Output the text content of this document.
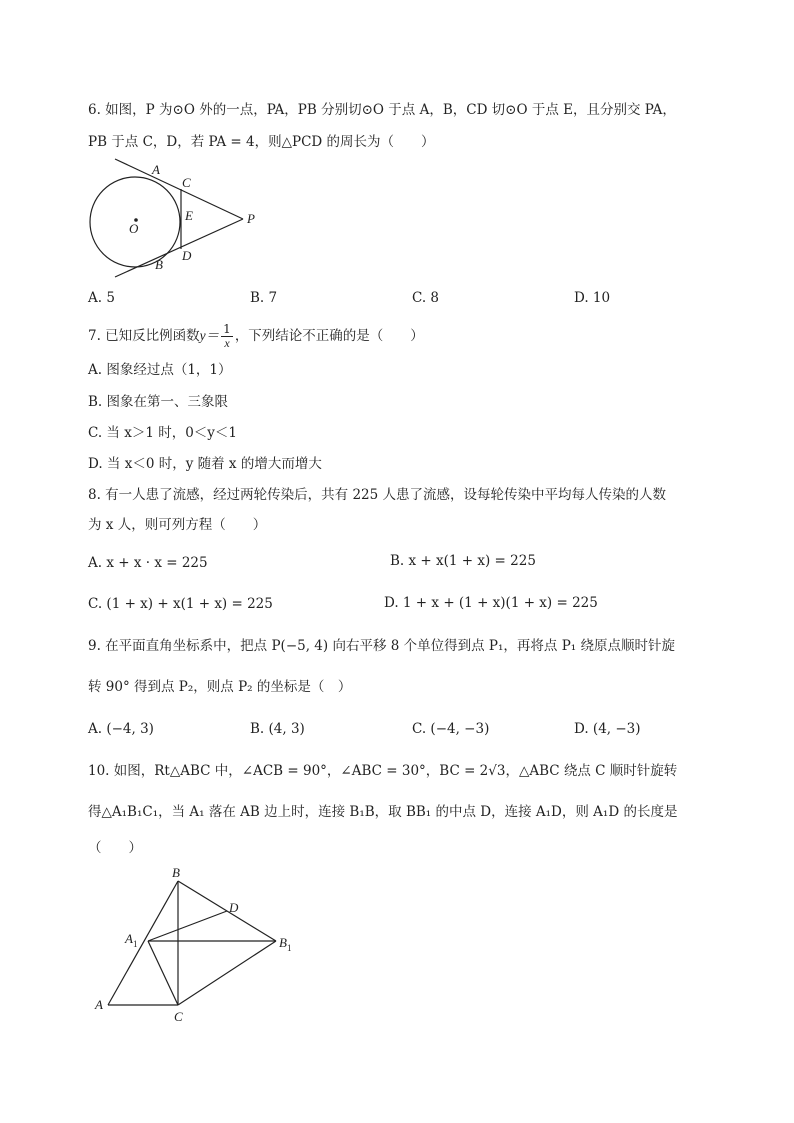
6. 如图，P 为⊙O 外的一点，PA，PB 分别切⊙O 于点 A，B，CD 切⊙O 于点 E，且分别交 PA，
PB 于点 C，D，若 PA = 4，则△PCD 的周长为（　　）
A
C
E
O
P
D
B
A. 5	B. 7	C. 8	D. 10
7. 已知反比例函数$y= \frac{1}{x}$ ，下列结论不正确的是（　　）
A. 图象经过点（1，1）
B. 图象在第一、三象限
C. 当 x＞1 时，0＜y＜1
D. 当 x＜0 时，y 随着 x 的增大而增大
8. 有一人患了流感，经过两轮传染后，共有 225 人患了流感，设每轮传染中平均每人传染的人数
为 x 人，则可列方程（　　）
A. x + x · x = 225	B. x + x(1 + x) = 225
C. (1 + x) + x(1 + x) = 225	D. 1 + x + (1 + x)(1 + x) = 225
9. 在平面直角坐标系中，把点 P(−5, 4) 向右平移 8 个单位得到点 P₁，再将点 P₁ 绕原点顺时针旋
转 90° 得到点 P₂，则点 P₂ 的坐标是（　）
A. (−4, 3)	B. (4, 3)	C. (−4, −3)	D. (4, −3)
10. 如图，Rt△ABC 中，∠ACB = 90°，∠ABC = 30°，BC = 2√3，△ABC 绕点 C 顺时针旋转
得△A₁B₁C₁，当 A₁ 落在 AB 边上时，连接 B₁B，取 BB₁ 的中点 D，连接 A₁D，则 A₁D 的长度是
（　　）
B
D
$A_1$	$B_1$
A
C
